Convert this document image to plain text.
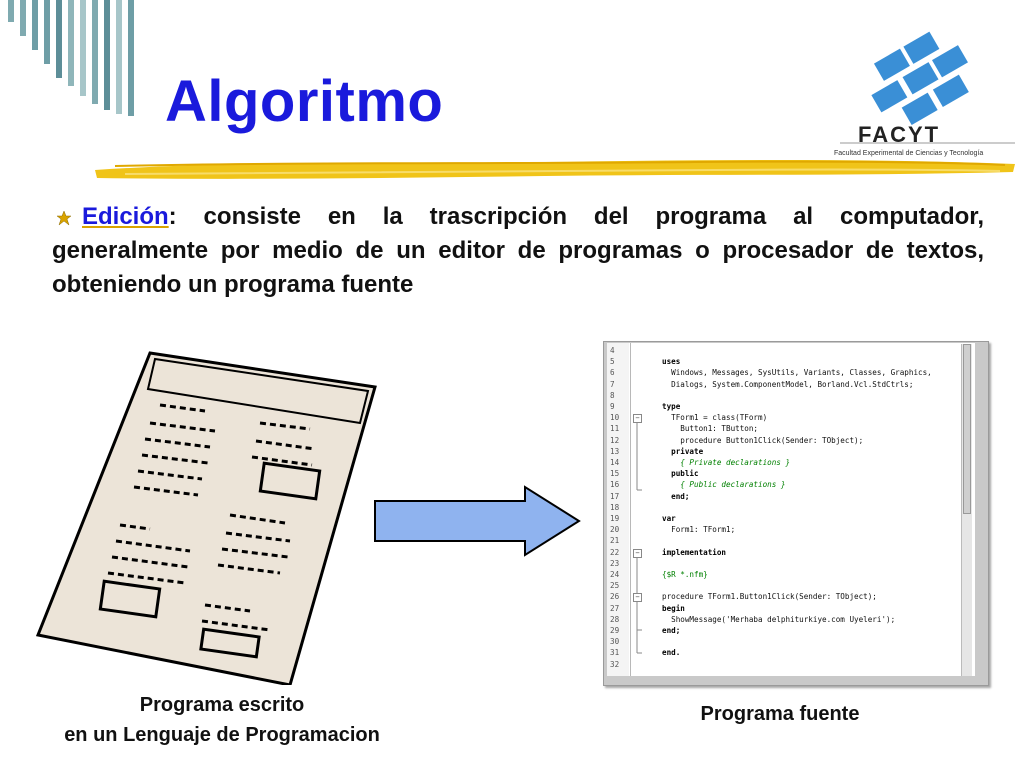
Algoritmo
FACYT
Facultad Experimental de Ciencias y Tecnología

Edición: consiste en la trascripción del programa al computador, generalmente por medio de un editor de programas o procesador de textos, obteniendo un programa fuente

4
5	uses
6	Windows, Messages, SysUtils, Variants, Classes, Graphics,
7	Dialogs, System.ComponentModel, Borland.Vcl.StdCtrls;
8
9	type
10	−	TForm1 = class(TForm)
11	Button1: TButton;
12	procedure Button1Click(Sender: TObject);
13	private
14	{ Private declarations }
15	public
16	{ Public declarations }
17	end;
18
19	var
20	Form1: TForm1;
21
22	−	implementation
23
24	{$R *.nfm}
25
26	−	procedure TForm1.Button1Click(Sender: TObject);
27	begin
28	ShowMessage('Merhaba delphiturkiye.com Uyeleri');
29	end;
30
31	end.
32
Programa escrito
en un Lenguaje de Programacion
Programa fuente
